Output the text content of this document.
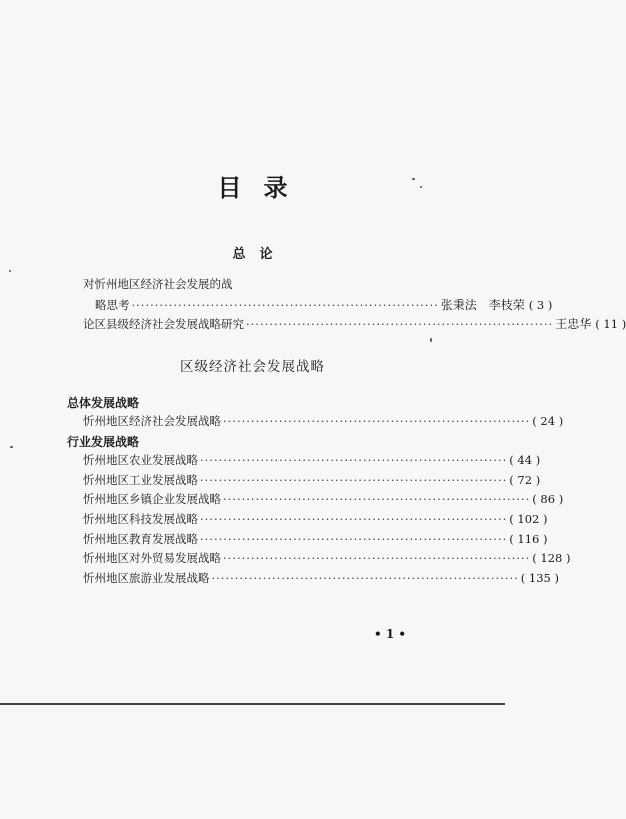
目录
总论
对忻州地区经济社会发展的战
略思考 ·································································· 张秉法　李枝荣 ( 3 )
论区县级经济社会发展战略研究 ·································································· 王忠华 ( 11 )
区级经济社会发展战略
总体发展战略
忻州地区经济社会发展战略 ·································································· ( 24 )
行业发展战略
忻州地区农业发展战略 ·································································· ( 44 )
忻州地区工业发展战略 ·································································· ( 72 )
忻州地区乡镇企业发展战略 ·································································· ( 86 )
忻州地区科技发展战略 ·································································· ( 102 )
忻州地区教育发展战略 ·································································· ( 116 )
忻州地区对外贸易发展战略 ·································································· ( 128 )
忻州地区旅游业发展战略 ·································································· ( 135 )
• 1 •
